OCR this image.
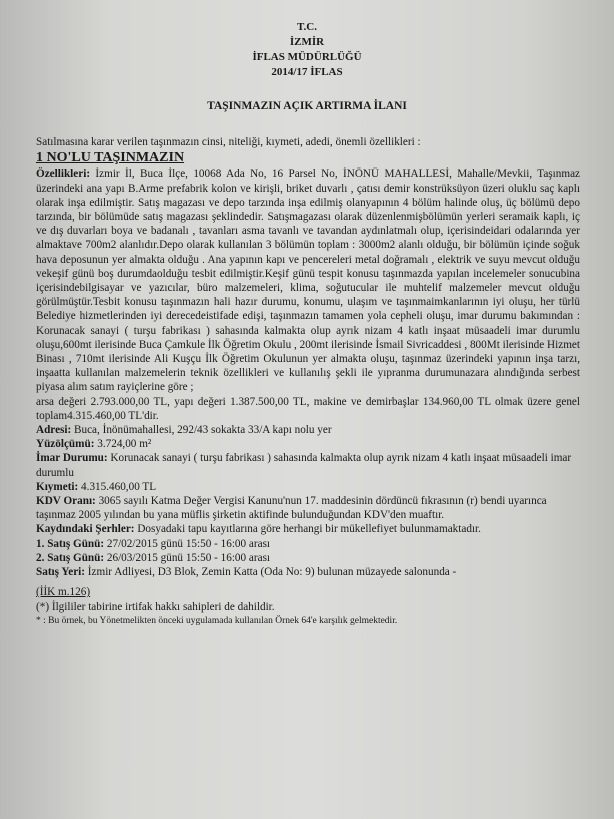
T.C.
İZMİR
İFLAS MÜDÜRLÜĞÜ
2014/17 İFLAS
TAŞINMAZIN AÇIK ARTIRMA İLANI

Satılmasına karar verilen taşınmazın cinsi, niteliği, kıymeti, adedi, önemli özellikleri :

1 NO'LU TAŞINMAZIN

Özellikleri: İzmir İl, Buca İlçe, 10068 Ada No, 16 Parsel No, İNÖNÜ MAHALLESİ, Mahalle/Mevkii, Taşınmaz üzerindeki ana yapı B.Arme prefabrik kolon ve kirişli, briket duvarlı , çatısı demir konstrüksüyon üzeri oluklu saç kaplı olarak inşa edilmiştir. Satış magazası ve depo tarzında inşa edilmiş olanyapının 4 bölüm halinde oluş, üç bölümü depo tarzında, bir bölümüde satış magazası şeklindedir. Satışmagazası olarak düzenlenmişbölümün yerleri seramaik kaplı, iç ve dış duvarları boya ve badanalı , tavanları asma tavanlı ve tavandan aydınlatmalı olup, içerisindeidari odalarında yer almaktave 700m2 alanlıdır.Depo olarak kullanılan 3 bölümün toplam : 3000m2 alanlı olduğu, bir bölümün içinde soğuk hava deposunun yer almakta olduğu . Ana yapının kapı ve pencereleri metal doğramalı , elektrik ve suyu mevcut olduğu vekeşif günü boş durumdaolduğu tesbit edilmiştir.Keşif günü tespit konusu taşınmazda yapılan incelemeler sonucubina içerisindebilgisayar ve yazıcılar, büro malzemeleri, klima, soğutucular ile muhtelif malzemeler mevcut olduğu görülmüştür.Tesbit konusu taşınmazın hali hazır durumu, konumu, ulaşım ve taşınmaimkanlarının iyi oluşu, her türlü Belediye hizmetlerinden iyi derecedeistifade edişi, taşınmazın tamamen yola cepheli oluşu, imar durumu bakımından : Korunacak sanayi ( turşu fabrikası ) sahasında kalmakta olup ayrık nizam 4 katlı inşaat müsaadeli imar durumlu oluşu,600mt ilerisinde Buca Çamkule İlk Öğretim Okulu , 200mt ilerisinde İsmail Sivricaddesi , 800Mt ilerisinde Hizmet Binası , 710mt ilerisinde Ali Kuşçu İlk Öğretim Okulunun yer almakta oluşu, taşınmaz üzerindeki yapının inşa tarzı, inşaatta kullanılan malzemelerin teknik özellikleri ve kullanılış şekli ile yıpranma durumunazara alındığında serbest piyasa alım satım rayiçlerine göre ;

arsa değeri 2.793.000,00 TL, yapı değeri 1.387.500,00 TL, makine ve demirbaşlar 134.960,00 TL olmak üzere genel toplam4.315.460,00 TL'dir.

Adresi: Buca, İnönümahallesi, 292/43 sokakta 33/A kapı nolu yer

Yüzölçümü: 3.724,00 m²

İmar Durumu: Korunacak sanayi ( turşu fabrikası ) sahasında kalmakta olup ayrık nizam 4 katlı inşaat müsaadeli imar durumlu

Kıymeti: 4.315.460,00 TL

KDV Oranı: 3065 sayılı Katma Değer Vergisi Kanunu'nun 17. maddesinin dördüncü fıkrasının (r) bendi uyarınca taşınmaz 2005 yılından bu yana müflis şirketin aktifinde bulunduğundan KDV'den muaftır.

Kaydındaki Şerhler: Dosyadaki tapu kayıtlarına göre herhangi bir mükellefiyet bulunmamaktadır.

1. Satış Günü: 27/02/2015 günü 15:50 - 16:00 arası

2. Satış Günü: 26/03/2015 günü 15:50 - 16:00 arası

Satış Yeri: İzmir Adliyesi, D3 Blok, Zemin Katta (Oda No: 9) bulunan müzayede salonunda -

(İİK m.126)

(*) İlgililer tabirine irtifak hakkı sahipleri de dahildir.

* : Bu örnek, bu Yönetmelikten önceki uygulamada kullanılan Örnek 64'e karşılık gelmektedir.
